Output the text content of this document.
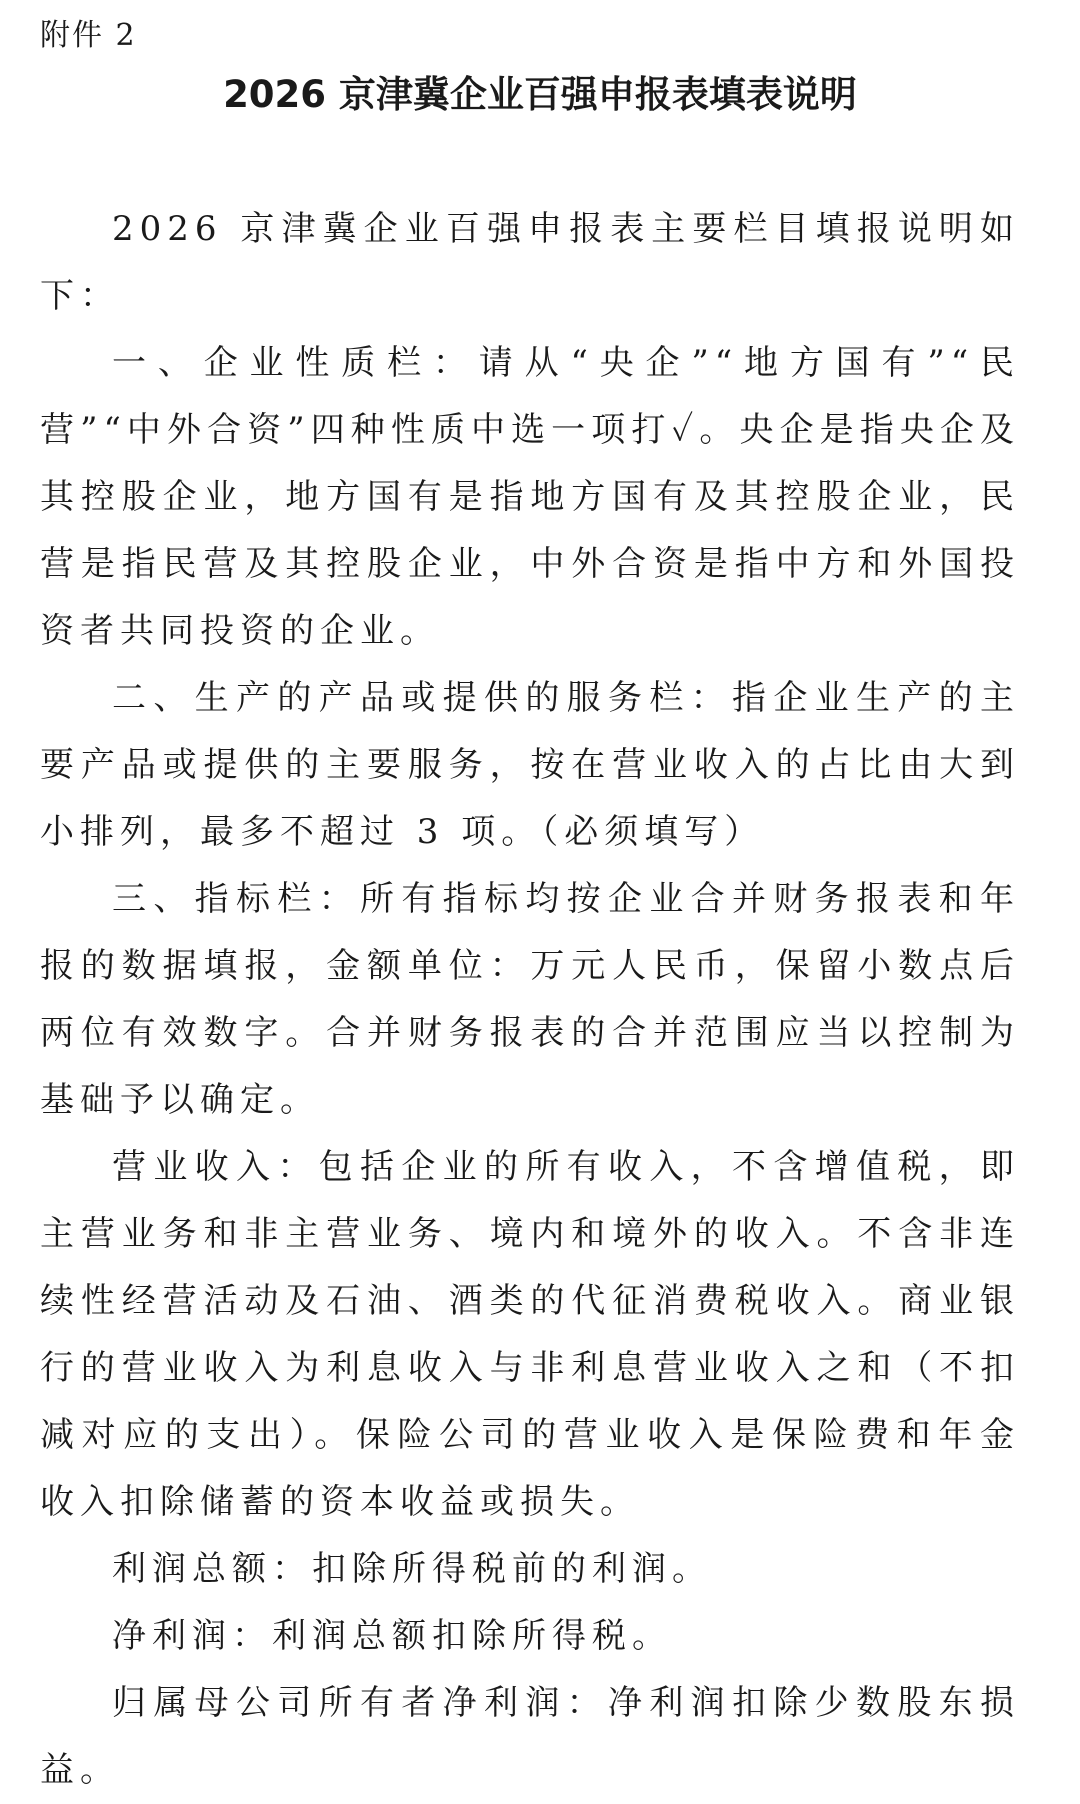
附件 2
2026 京津冀企业百强申报表填表说明

2026 京津冀企业百强申报表主要栏目填报说明如下：

一、企业性质栏：请从“央企”“地方国有”“民营”“中外合资”四种性质中选一项打✓。央企是指央企及其控股企业，地方国有是指地方国有及其控股企业，民营是指民营及其控股企业，中外合资是指中方和外国投资者共同投资的企业。

二、生产的产品或提供的服务栏：指企业生产的主要产品或提供的主要服务，按在营业收入的占比由大到小排列，最多不超过 3 项。（必须填写）

三、指标栏：所有指标均按企业合并财务报表和年报的数据填报，金额单位：万元人民币，保留小数点后两位有效数字。合并财务报表的合并范围应当以控制为基础予以确定。

营业收入：包括企业的所有收入，不含增值税，即主营业务和非主营业务、境内和境外的收入。不含非连续性经营活动及石油、酒类的代征消费税收入。商业银行的营业收入为利息收入与非利息营业收入之和（不扣减对应的支出）。保险公司的营业收入是保险费和年金收入扣除储蓄的资本收益或损失。

利润总额：扣除所得税前的利润。

净利润：利润总额扣除所得税。

归属母公司所有者净利润：净利润扣除少数股东损益。
